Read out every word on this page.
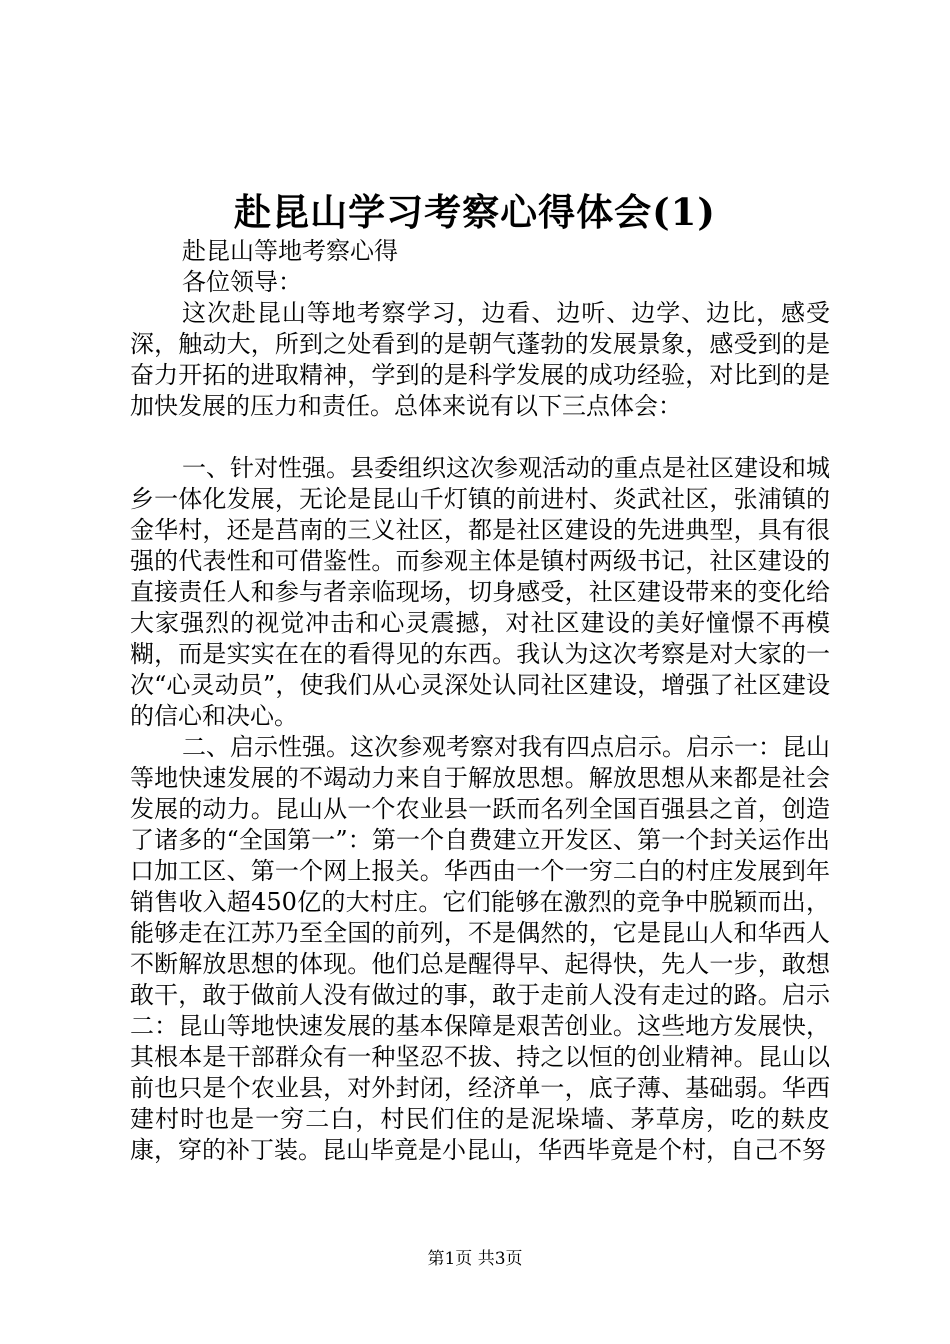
赴昆山学习考察心得体会(1)

赴昆山等地考察心得

各位领导：

这次赴昆山等地考察学习，边看、边听、边学、边比，感受深，触动大，所到之处看到的是朝气蓬勃的发展景象，感受到的是奋力开拓的进取精神，学到的是科学发展的成功经验，对比到的是加快发展的压力和责任。总体来说有以下三点体会：

一、针对性强。县委组织这次参观活动的重点是社区建设和城乡一体化发展，无论是昆山千灯镇的前进村、炎武社区，张浦镇的金华村，还是莒南的三义社区，都是社区建设的先进典型，具有很强的代表性和可借鉴性。而参观主体是镇村两级书记，社区建设的直接责任人和参与者亲临现场，切身感受，社区建设带来的变化给大家强烈的视觉冲击和心灵震撼，对社区建设的美好憧憬不再模糊，而是实实在在的看得见的东西。我认为这次考察是对大家的一次“心灵动员”，使我们从心灵深处认同社区建设，增强了社区建设的信心和决心。

二、启示性强。这次参观考察对我有四点启示。启示一：昆山等地快速发展的不竭动力来自于解放思想。解放思想从来都是社会发展的动力。昆山从一个农业县一跃而名列全国百强县之首，创造了诸多的“全国第一”：第一个自费建立开发区、第一个封关运作出口加工区、第一个网上报关。华西由一个一穷二白的村庄发展到年销售收入超450亿的大村庄。它们能够在激烈的竞争中脱颖而出，能够走在江苏乃至全国的前列，不是偶然的，它是昆山人和华西人不断解放思想的体现。他们总是醒得早、起得快，先人一步，敢想敢干，敢于做前人没有做过的事，敢于走前人没有走过的路。启示二：昆山等地快速发展的基本保障是艰苦创业。这些地方发展快，其根本是干部群众有一种坚忍不拔、持之以恒的创业精神。昆山以前也只是个农业县，对外封闭，经济单一，底子薄、基础弱。华西建村时也是一穷二白，村民们住的是泥垛墙、茅草房，吃的麸皮康，穿的补丁装。昆山毕竟是小昆山，华西毕竟是个村，自己不努

第1页 共3页
